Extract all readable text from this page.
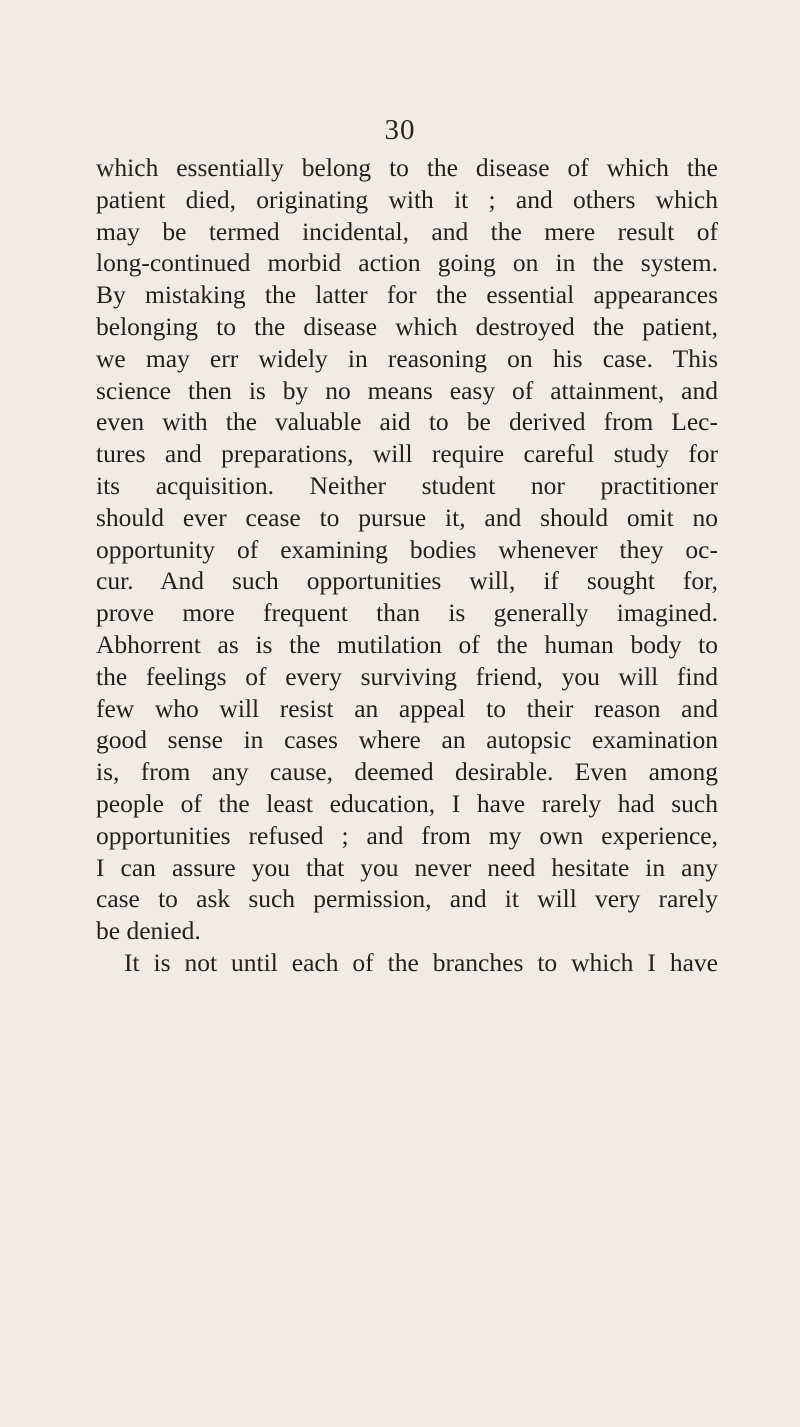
30
which essentially belong to the disease of which the
patient died, originating with it ; and others which
may be termed incidental, and the mere result of
long-continued morbid action going on in the system.
By mistaking the latter for the essential appearances
belonging to the disease which destroyed the patient,
we may err widely in reasoning on his case. This
science then is by no means easy of attainment, and
even with the valuable aid to be derived from Lec-
tures and preparations, will require careful study for
its acquisition. Neither student nor practitioner
should ever cease to pursue it, and should omit no
opportunity of examining bodies whenever they oc-
cur. And such opportunities will, if sought for,
prove more frequent than is generally imagined.
Abhorrent as is the mutilation of the human body to
the feelings of every surviving friend, you will find
few who will resist an appeal to their reason and
good sense in cases where an autopsic examination
is, from any cause, deemed desirable. Even among
people of the least education, I have rarely had such
opportunities refused ; and from my own experience,
I can assure you that you never need hesitate in any
case to ask such permission, and it will very rarely
be denied.
It is not until each of the branches to which I have
